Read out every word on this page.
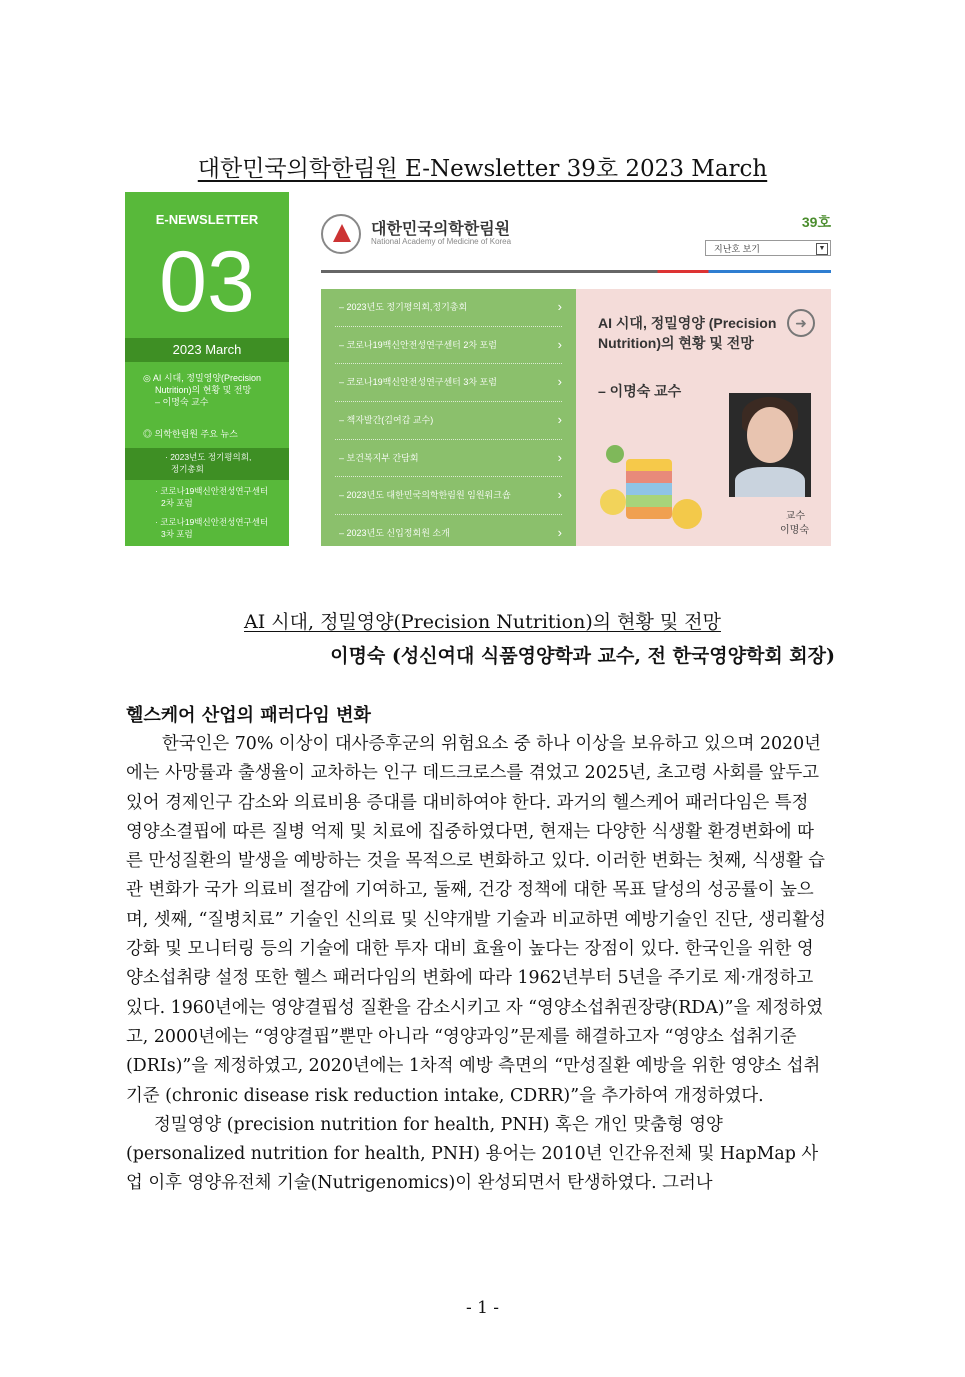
대한민국의학한림원 E-Newsletter 39호 2023 March
E-NEWSLETTER
03
2023 March
◎ AI 시대, 정밀영양(Precision
Nutrition)의 현황 및 전망
– 이명숙 교수
◎ 의학한림원 주요 뉴스
· 2023년도 정기평의회,
정기총회
· 코로나19백신안전성연구센터
2차 포럼
· 코로나19백신안전성연구센터
3차 포럼
대한민국의학한림원
National Academy of Medicine of Korea
39호
지난호 보기	▼
– 2023년도 정기평의회,정기총회	›
– 코로나19백신안전성연구센터 2차 포럼	›
– 코로나19백신안전성연구센터 3차 포럼	›
– 책자발간(김여갑 교수)	›
– 보건복지부 간담회	›
– 2023년도 대한민국의학한림원 임원워크숍	›
– 2023년도 신입정회원 소개	›
AI 시대, 정밀영양 (Precision Nutrition)의 현황 및 전망
– 이명숙 교수
➜
교수
이명숙
AI 시대, 정밀영양(Precision Nutrition)의 현황 및 전망
이명숙 (성신여대 식품영양학과 교수, 전 한국영양학회 회장)
헬스케어 산업의 패러다임 변화

한국인은 70% 이상이 대사증후군의 위험요소 중 하나 이상을 보유하고 있으며 2020년에는 사망률과 출생율이 교차하는 인구 데드크로스를 겪었고 2025년, 초고령 사회를 앞두고 있어 경제인구 감소와 의료비용 증대를 대비하여야 한다. 과거의 헬스케어 패러다임은 특정 영양소결핍에 따른 질병 억제 및 치료에 집중하였다면, 현재는 다양한 식생활 환경변화에 따른 만성질환의 발생을 예방하는 것을 목적으로 변화하고 있다. 이러한 변화는 첫째, 식생활 습관 변화가 국가 의료비 절감에 기여하고, 둘째, 건강 정책에 대한 목표 달성의 성공률이 높으며, 셋째, “질병치료” 기술인 신의료 및 신약개발 기술과 비교하면 예방기술인 진단, 생리활성 강화 및 모니터링 등의 기술에 대한 투자 대비 효율이 높다는 장점이 있다. 한국인을 위한 영양소섭취량 설정 또한 헬스 패러다임의 변화에 따라 1962년부터 5년을 주기로 제·개정하고 있다. 1960년에는 영양결핍성 질환을 감소시키고 자 “영양소섭취권장량(RDA)”을 제정하였고, 2000년에는 “영양결핍”뿐만 아니라 “영양과잉”문제를 해결하고자 “영양소 섭취기준 (DRIs)”을 제정하였고, 2020년에는 1차적 예방 측면의 “만성질환 예방을 위한 영양소 섭취기준 (chronic disease risk reduction intake, CDRR)”을 추가하여 개정하였다.

정밀영양 (precision nutrition for health, PNH) 혹은 개인 맞춤형 영양 (personalized nutrition for health, PNH) 용어는 2010년 인간유전체 및 HapMap 사업 이후 영양유전체 기술(Nutrigenomics)이 완성되면서 탄생하였다. 그러나

- 1 -
